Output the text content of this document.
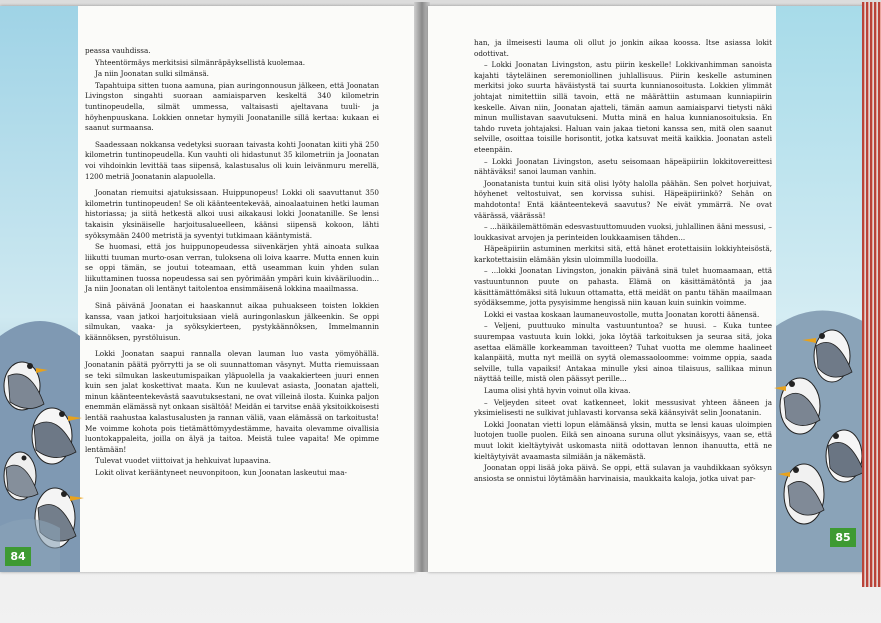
84

peassa vauhdissa.

Yhteentörmäys merkitsisi silmänräpäyksellistä kuolemaa.

Ja niin Joonatan sulki silmänsä.

Tapahtuipa sitten tuona aamuna, pian auringonnousun jälkeen, että Joonatan Livingston singahti suoraan aamiaisparven keskeltä 340 kilometrin tuntinopeudella, silmät ummessa, valtaisasti ajeltavana tuuli- ja höyhenpuuskana. Lokkien onnetar hymyili Joonatanille sillä kertaa: kukaan ei saanut surmaansa.

Saadessaan nokkansa vedetyksi suoraan taivasta kohti Joonatan kiiti yhä 250 kilometrin tuntinopeudella. Kun vauhti oli hidastunut 35 kilometriin ja Joonatan voi vihdoinkin levittää taas siipensä, kalastusalus oli kuin leivänmuru merellä, 1200 metriä Joonatanin alapuolella.

Joonatan riemuitsi ajatuksissaan. Huippunopeus! Lokki oli saavuttanut 350 kilometrin tuntinopeuden! Se oli käänteentekevää, ainoalaatuinen hetki lauman historiassa; ja siitä hetkestä alkoi uusi aikakausi lokki Joonatanille. Se lensi takaisin yksinäiselle harjoitusalueelleen, käänsi siipensä kokoon, lähti syöksymään 2400 metristä ja syventyi tutkimaan kääntymistä.

Se huomasi, että jos huippunopeudessa siivenkärjen yhtä ainoata sulkaa liikutti tuuman murto-osan verran, tuloksena oli loiva kaarre. Mutta ennen kuin se oppi tämän, se joutui toteamaan, että useamman kuin yhden sulan liikuttaminen tuossa nopeudessa sai sen pyörimään ympäri kuin kivääriluodin... Ja niin Joonatan oli lentänyt taitolentoa ensimmäisenä lokkina maailmassa.

Sinä päivänä Joonatan ei haaskannut aikaa puhuakseen toisten lokkien kanssa, vaan jatkoi harjoituksiaan vielä auringonlaskun jälkeenkin. Se oppi silmukan, vaaka- ja syöksykierteen, pystykäännöksen, Immelmannin käännöksen, pyrstöluisun.

Lokki Joonatan saapui rannalla olevan lauman luo vasta yömyöhällä. Joonatanin päätä pyörrytti ja se oli suunnattoman väsynyt. Mutta riemuissaan se teki silmukan laskeutumispaikan yläpuolella ja vaakakierteen juuri ennen kuin sen jalat koskettivat maata. Kun ne kuulevat asiasta, Joonatan ajatteli, minun käänteentekevästä saavutuksestani, ne ovat villeinä ilosta. Kuinka paljon enemmän elämässä nyt onkaan sisältöä! Meidän ei tarvitse enää yksitoikkoisesti lentää raahustaa kalastusalusten ja rannan väliä, vaan elämässä on tarkoitusta! Me voimme kohota pois tietämättömyydestämme, havaita olevamme oivallisia luontokappaleita, joilla on älyä ja taitoa. Meistä tulee vapaita! Me opimme lentämään!

Tulevat vuodet viittoivat ja hehkuivat lupaavina.

Lokit olivat kerääntyneet neuvonpitoon, kun Joonatan laskeutui maa-

han, ja ilmeisesti lauma oli ollut jo jonkin aikaa koossa. Itse asiassa lokit odottivat.

– Lokki Joonatan Livingston, astu piirin keskelle! Lokkivanhimman sanoista kajahti täyteläinen seremoniollinen juhlallisuus. Piirin keskelle astuminen merkitsi joko suurta häväistystä tai suurta kunnianosoitusta. Lokkien ylimmät johtajat nimitettiin sillä tavoin, että ne määrättiin astumaan kunniapiirin keskelle. Aivan niin, Joonatan ajatteli, tämän aamun aamiaisparvi tietysti näki minun mullistavan saavutukseni. Mutta minä en halua kunnianosoituksia. En tahdo ruveta johtajaksi. Haluan vain jakaa tietoni kanssa sen, mitä olen saanut selville, osoittaa toisille horisontit, jotka katsuvat meitä kaikkia. Joonatan asteli eteenpäin.

– Lokki Joonatan Livingston, asetu seisomaan häpeäpiiriin lokkitovereittesi nähtäväksi! sanoi lauman vanhin.

Joonatanista tuntui kuin sitä olisi lyöty halolla päähän. Sen polvet horjuivat, höyhenet veltostuivat, sen korvissa suhisi. Häpeäpiiriinkö? Sehän on mahdotonta! Entä käänteentekevä saavutus? Ne eivät ymmärrä. Ne ovat väärässä, väärässä!

– ...häikäilemättömän edesvastuuttomuuden vuoksi, juhlallinen ääni messusi, – loukkasivat arvojen ja perinteiden loukkaamisen tähden...

Häpeäpiiriin astuminen merkitsi sitä, että hänet erotettaisiin lokkiyhteisöstä, karkotettaisiin elämään yksin uloimmilla luodoilla.

– ...lokki Joonatan Livingston, jonakin päivänä sinä tulet huomaamaan, että vastuuntunnon puute on pahasta. Elämä on käsittämätöntä ja jaa käsittämättömäksi sitä lukuun ottamatta, että meidät on pantu tähän maailmaan syödäksemme, jotta pysyisimme hengissä niin kauan kuin suinkin voimme.

Lokki ei vastaa koskaan laumaneuvostolle, mutta Joonatan korotti äänensä.

– Veljeni, puuttuuko minulta vastuuntuntoa? se huusi. – Kuka tuntee suurempaa vastuuta kuin lokki, joka löytää tarkoituksen ja seuraa sitä, joka asettaa elämälle korkeamman tavoitteen? Tuhat vuotta me olemme haalineet kalanpäitä, mutta nyt meillä on syytä olemassaoloomme: voimme oppia, saada selville, tulla vapaiksi! Antakaa minulle yksi ainoa tilaisuus, sallikaa minun näyttää teille, mistä olen päässyt perille...

Lauma olisi yhtä hyvin voinut olla kivaa.

– Veljeyden siteet ovat katkenneet, lokit messusivat yhteen ääneen ja yksimielisesti ne sulkivat juhlavasti korvansa sekä käänsyivät selin Joonatanin.

Lokki Joonatan vietti lopun elämäänsä yksin, mutta se lensi kauas uloimpien luotojen tuolle puolen. Eikä sen ainoana suruna ollut yksinäisyys, vaan se, että muut lokit kieltäytyivät uskomasta niitä odottavan lennon ihanuutta, että ne kieltäytyivät avaamasta silmiään ja näkemästä.

Joonatan oppi lisää joka päivä. Se oppi, että sulavan ja vauhdikkaan syöksyn ansiosta se onnistui löytämään harvinaisia, maukkaita kaloja, jotka uivat par-

85
